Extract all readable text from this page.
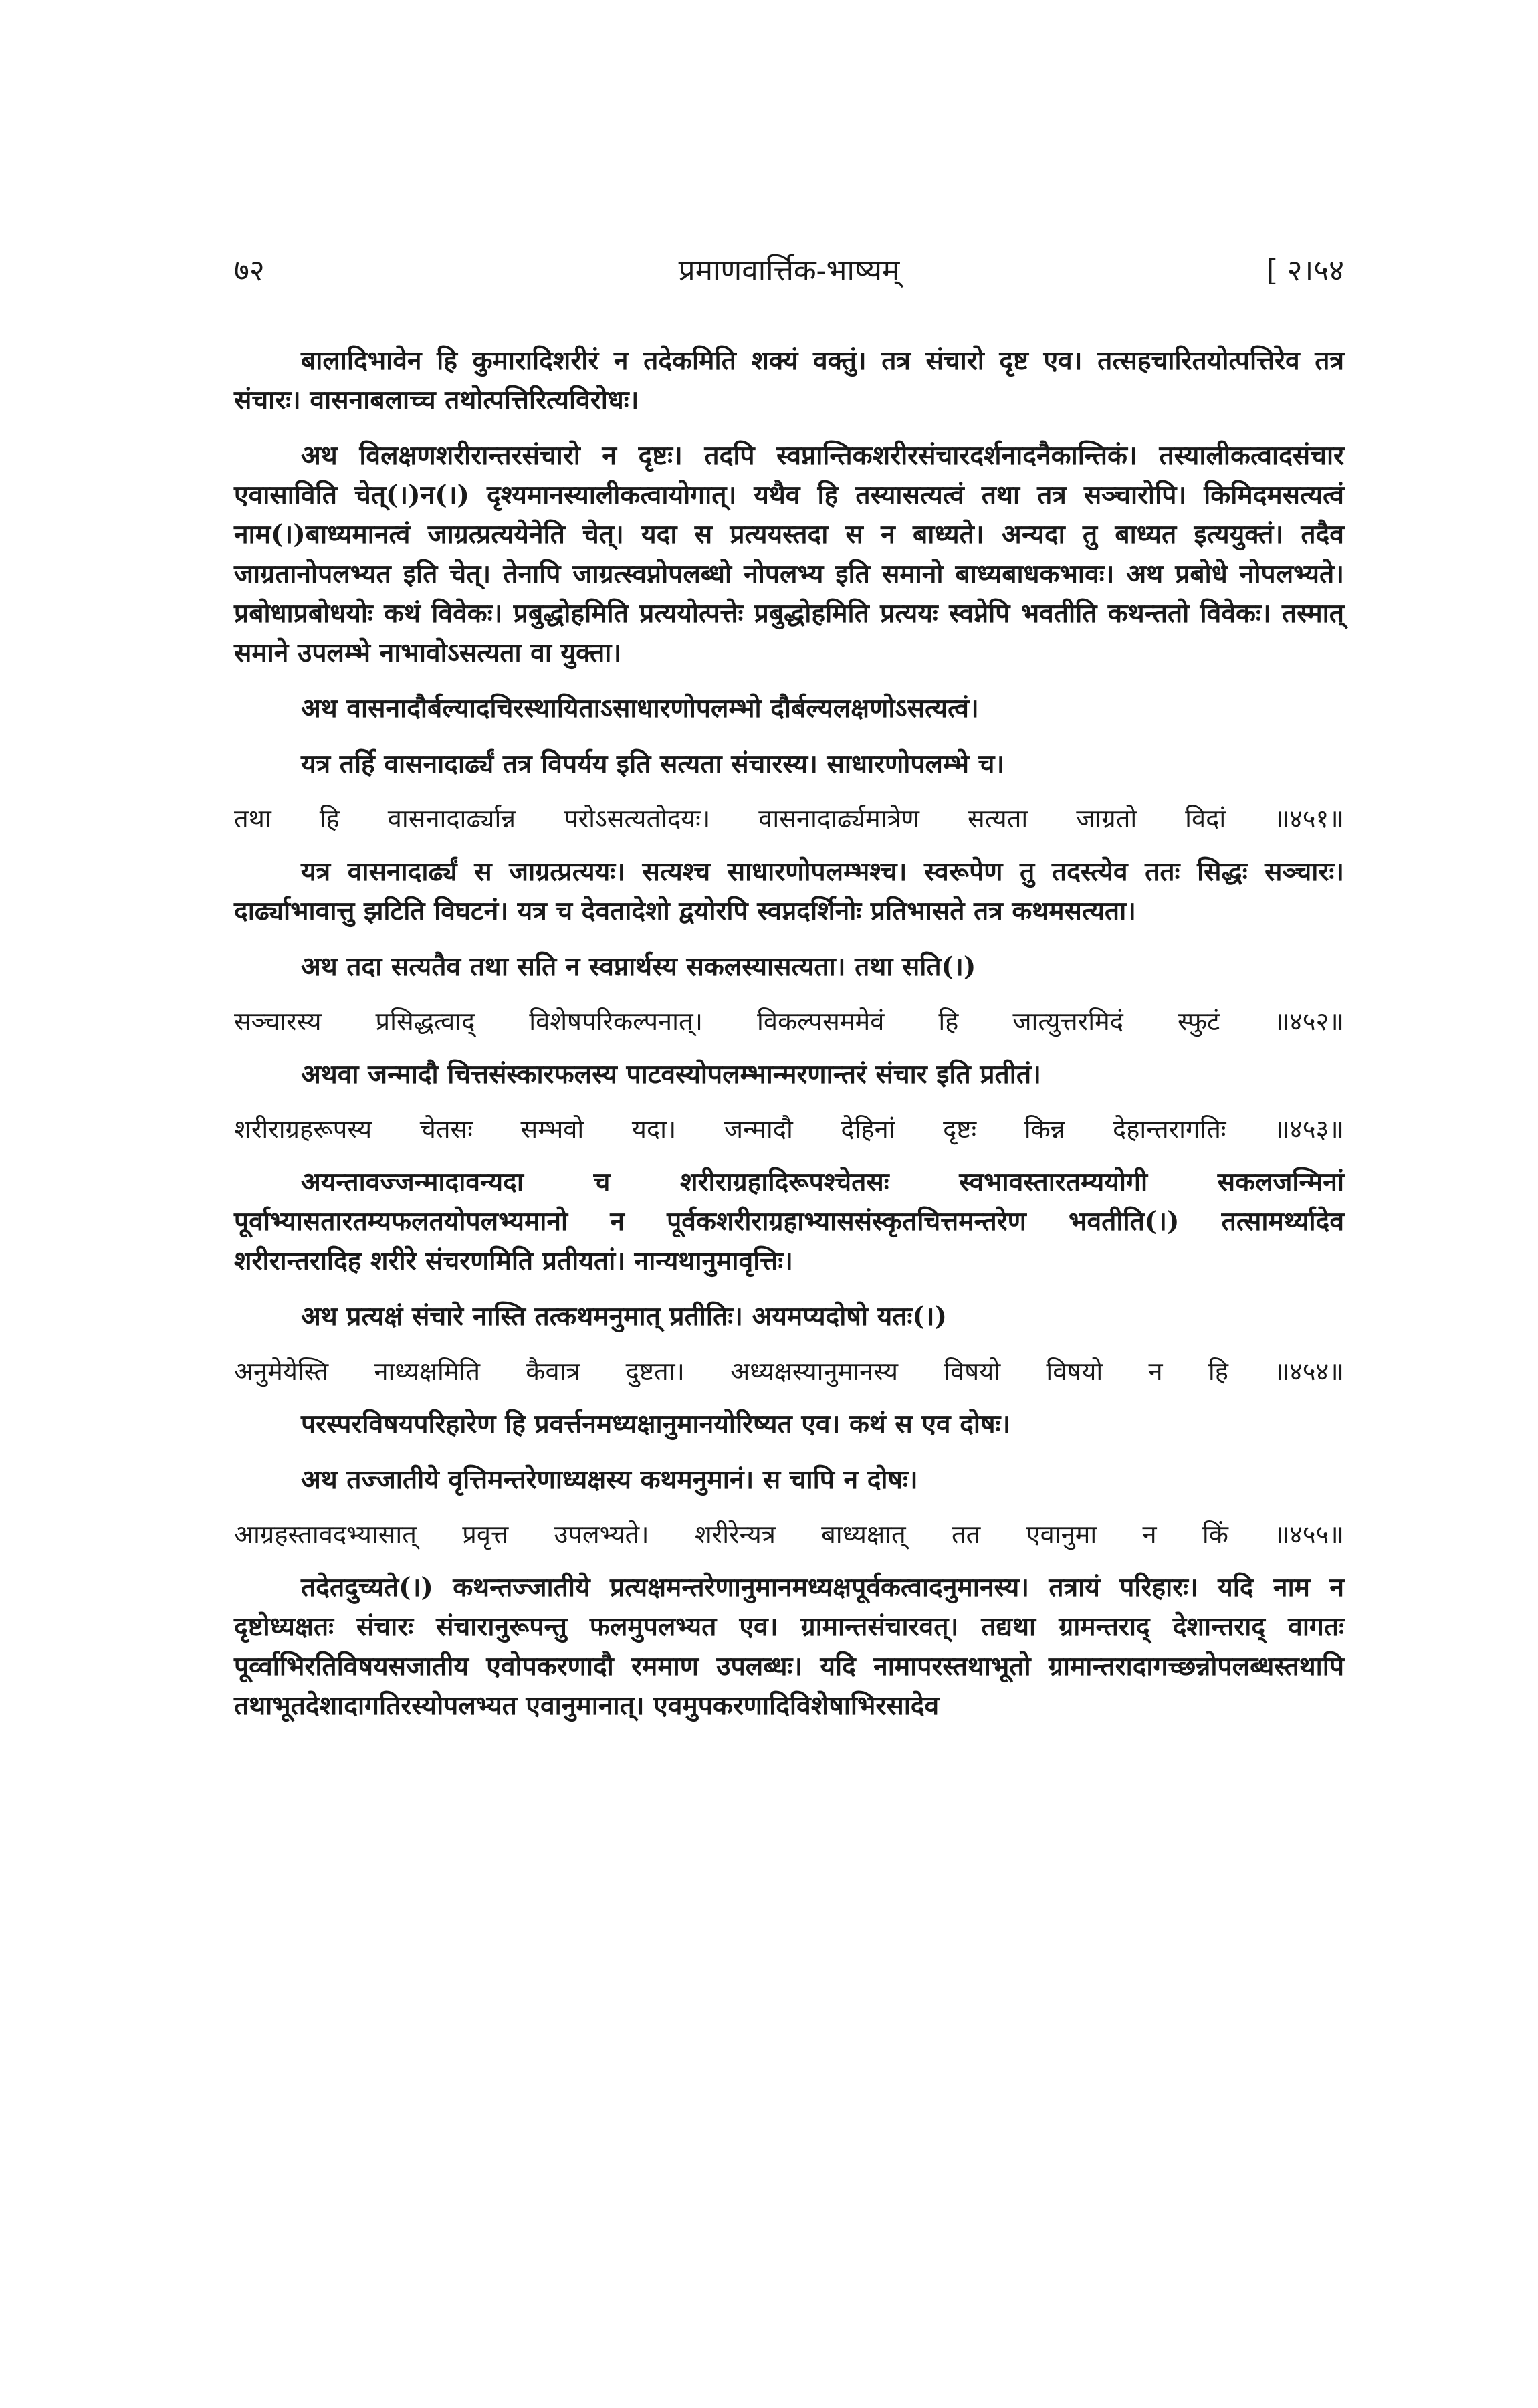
७२	प्रमाणवार्त्तिक-भाष्यम्	[ २।५४

बालादिभावेन हि कुमारादिशरीरं न तदेकमिति शक्यं वक्तुं। तत्र संचारो दृष्ट एव। तत्सहचारितयोत्पत्तिरेव तत्र संचारः। वासनाबलाच्च तथोत्पत्तिरित्यविरोधः।

अथ विलक्षणशरीरान्तरसंचारो न दृष्टः। तदपि स्वप्नान्तिकशरीरसंचारदर्शनादनैकान्तिकं। तस्यालीकत्वादसंचार एवासाविति चेत्(।)न(।) दृश्यमानस्यालीकत्वायोगात्। यथैव हि तस्यासत्यत्वं तथा तत्र सञ्चारोपि। किमिदमसत्यत्वं नाम(।)बाध्यमानत्वं जाग्रत्प्रत्ययेनेति चेत्। यदा स प्रत्ययस्तदा स न बाध्यते। अन्यदा तु बाध्यत इत्ययुक्तं। तदैव जाग्रतानोपलभ्यत इति चेत्। तेनापि जाग्रत्स्वप्नोपलब्धो नोपलभ्य इति समानो बाध्यबाधकभावः। अथ प्रबोधे नोपलभ्यते। प्रबोधाप्रबोधयोः कथं विवेकः। प्रबुद्धोहमिति प्रत्ययोत्पत्तेः प्रबुद्धोहमिति प्रत्ययः स्वप्नेपि भवतीति कथन्ततो विवेकः। तस्मात् समाने उपलम्भे नाभावोऽसत्यता वा युक्ता।

अथ वासनादौर्बल्यादचिरस्थायिताऽसाधारणोपलम्भो दौर्बल्यलक्षणोऽसत्यत्वं।

यत्र तर्हि वासनादार्ढ्यं तत्र विपर्यय इति सत्यता संचारस्य। साधारणोपलम्भे च।

तथा हि वासनादार्ढ्यान्न परोऽसत्यतोदयः। वासनादार्ढ्यमात्रेण सत्यता जाग्रतो विदां ॥४५१॥

यत्र वासनादार्ढ्यं स जाग्रत्प्रत्ययः। सत्यश्च साधारणोपलम्भश्च। स्वरूपेण तु तदस्त्येव ततः सिद्धः सञ्चारः। दार्ढ्याभावात्तु झटिति विघटनं। यत्र च देवतादेशो द्वयोरपि स्वप्नदर्शिनोः प्रतिभासते तत्र कथमसत्यता।

अथ तदा सत्यतैव तथा सति न स्वप्नार्थस्य सकलस्यासत्यता। तथा सति(।)

सञ्चारस्य प्रसिद्धत्वाद् विशेषपरिकल्पनात्। विकल्पसममेवं हि जात्युत्तरमिदं स्फुटं ॥४५२॥

अथवा जन्मादौ चित्तसंस्कारफलस्य पाटवस्योपलम्भान्मरणान्तरं संचार इति प्रतीतं।

शरीराग्रहरूपस्य चेतसः सम्भवो यदा। जन्मादौ देहिनां दृष्टः किन्न देहान्तरागतिः ॥४५३॥

अयन्तावज्जन्मादावन्यदा च शरीराग्रहादिरूपश्चेतसः स्वभावस्तारतम्ययोगी सकलजन्मिनां पूर्वाभ्यासतारतम्यफलतयोपलभ्यमानो न पूर्वकशरीराग्रहाभ्याससंस्कृतचित्तमन्तरेण भवतीति(।) तत्सामर्थ्यादेव शरीरान्तरादिह शरीरे संचरणमिति प्रतीयतां। नान्यथानुमावृत्तिः।

अथ प्रत्यक्षं संचारे नास्ति तत्कथमनुमात् प्रतीतिः। अयमप्यदोषो यतः(।)

अनुमेयेस्ति नाध्यक्षमिति कैवात्र दुष्टता। अध्यक्षस्यानुमानस्य विषयो विषयो न हि ॥४५४॥

परस्परविषयपरिहारेण हि प्रवर्त्तनमध्यक्षानुमानयोरिष्यत एव। कथं स एव दोषः।

अथ तज्जातीये वृत्तिमन्तरेणाध्यक्षस्य कथमनुमानं। स चापि न दोषः।

आग्रहस्तावदभ्यासात् प्रवृत्त उपलभ्यते। शरीरेन्यत्र बाध्यक्षात् तत एवानुमा न किं ॥४५५॥

तदेतदुच्यते(।) कथन्तज्जातीये प्रत्यक्षमन्तरेणानुमानमध्यक्षपूर्वकत्वादनुमानस्य। तत्रायं परिहारः। यदि नाम न दृष्टोध्यक्षतः संचारः संचारानुरूपन्तु फलमुपलभ्यत एव। ग्रामान्तसंचारवत्। तद्यथा ग्रामन्तराद् देशान्तराद् वागतः पूर्व्वाभिरतिविषयसजातीय एवोपकरणादौ रममाण उपलब्धः। यदि नामापरस्तथाभूतो ग्रामान्तरादागच्छन्नोपलब्धस्तथापि तथाभूतदेशादागतिरस्योपलभ्यत एवानुमानात्। एवमुपकरणादिविशेषाभिरसादेव
